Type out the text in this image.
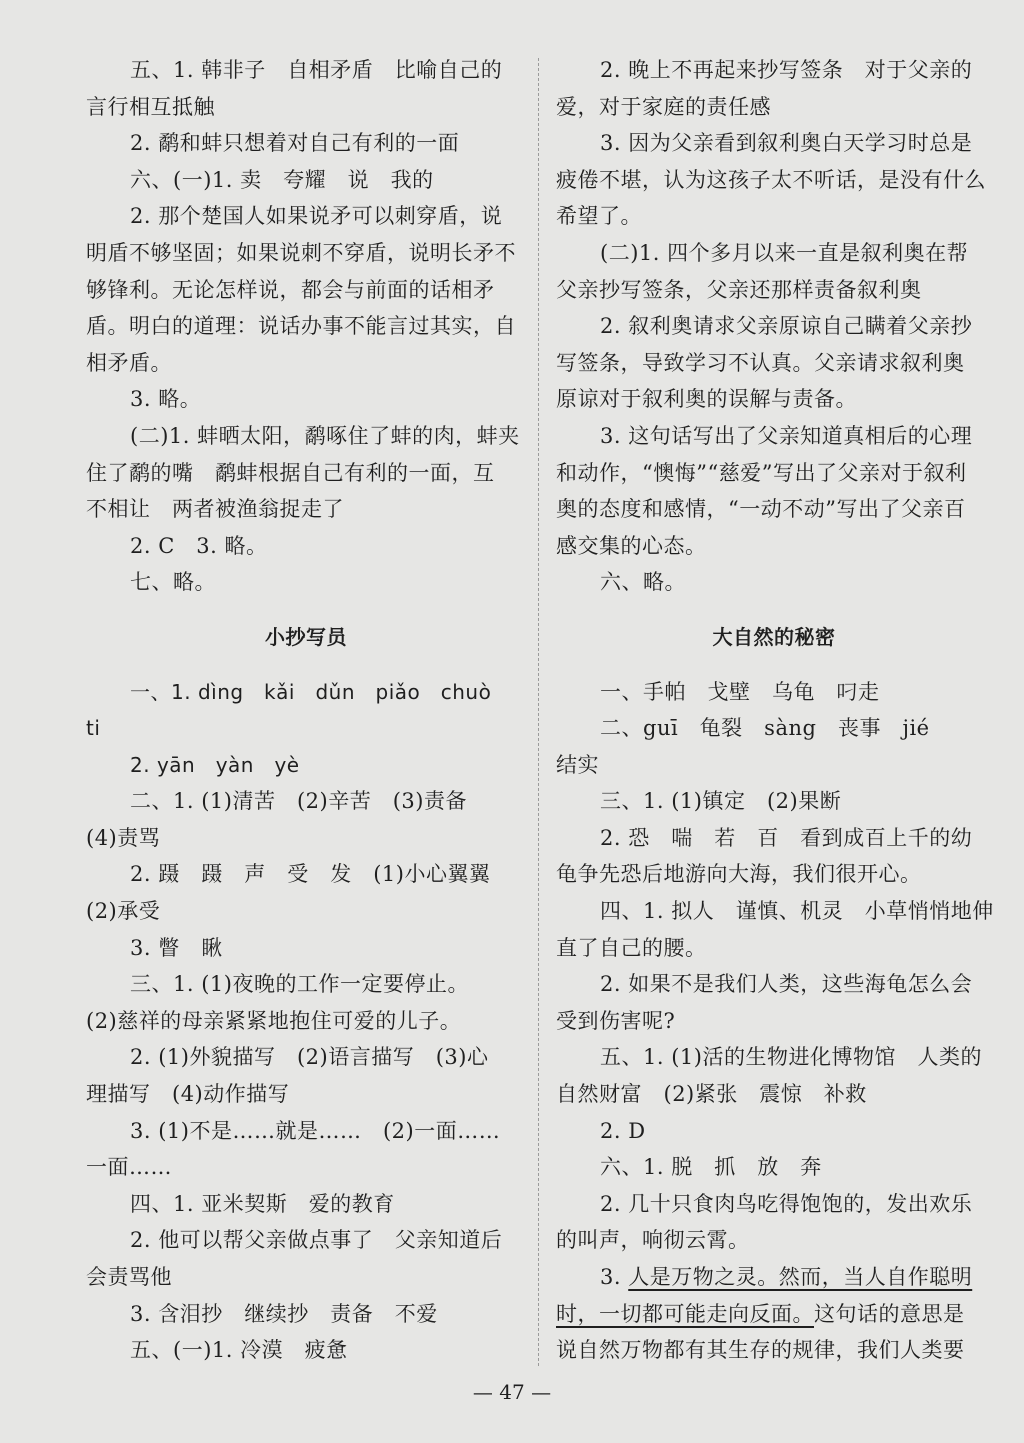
五、1. 韩非子　自相矛盾　比喻自己的
言行相互抵触
2. 鹬和蚌只想着对自己有利的一面
六、(一)1. 卖　夸耀　说　我的
2. 那个楚国人如果说矛可以刺穿盾，说
明盾不够坚固；如果说刺不穿盾，说明长矛不
够锋利。无论怎样说，都会与前面的话相矛
盾。明白的道理：说话办事不能言过其实，自
相矛盾。
3. 略。
(二)1. 蚌晒太阳，鹬啄住了蚌的肉，蚌夹
住了鹬的嘴　鹬蚌根据自己有利的一面，互
不相让　两者被渔翁捉走了
2. C　3. 略。
七、略。
小抄写员
一、1. dìng　kǎi　dǔn　piǎo　chuò
ti
2. yān　yàn　yè
二、1. (1)清苦　(2)辛苦　(3)责备
(4)责骂
2. 蹑　蹑　声　受　发　(1)小心翼翼
(2)承受
3. 瞥　瞅
三、1. (1)夜晚的工作一定要停止。
(2)慈祥的母亲紧紧地抱住可爱的儿子。
2. (1)外貌描写　(2)语言描写　(3)心
理描写　(4)动作描写
3. (1)不是……就是……　(2)一面……
一面……
四、1. 亚米契斯　爱的教育
2. 他可以帮父亲做点事了　父亲知道后
会责骂他
3. 含泪抄　继续抄　责备　不爱
五、(一)1. 冷漠　疲惫
2. 晚上不再起来抄写签条　对于父亲的
爱，对于家庭的责任感
3. 因为父亲看到叙利奥白天学习时总是
疲倦不堪，认为这孩子太不听话，是没有什么
希望了。
(二)1. 四个多月以来一直是叙利奥在帮
父亲抄写签条，父亲还那样责备叙利奥
2. 叙利奥请求父亲原谅自己瞒着父亲抄
写签条，导致学习不认真。父亲请求叙利奥
原谅对于叙利奥的误解与责备。
3. 这句话写出了父亲知道真相后的心理
和动作，“懊悔”“慈爱”写出了父亲对于叙利
奥的态度和感情，“一动不动”写出了父亲百
感交集的心态。
六、略。
大自然的秘密
一、手帕　戈壁　乌龟　叼走
二、guī　龟裂　sàng　丧事　jié
结实
三、1. (1)镇定　(2)果断
2. 恐　喘　若　百　看到成百上千的幼
龟争先恐后地游向大海，我们很开心。
四、1. 拟人　谨慎、机灵　小草悄悄地伸
直了自己的腰。
2. 如果不是我们人类，这些海龟怎么会
受到伤害呢?
五、1. (1)活的生物进化博物馆　人类的
自然财富　(2)紧张　震惊　补救
2. D
六、1. 脱　抓　放　奔
2. 几十只食肉鸟吃得饱饱的，发出欢乐
的叫声，响彻云霄。
3. 人是万物之灵。然而，当人自作聪明
时，一切都可能走向反面。这句话的意思是
说自然万物都有其生存的规律，我们人类要
— 47 —
